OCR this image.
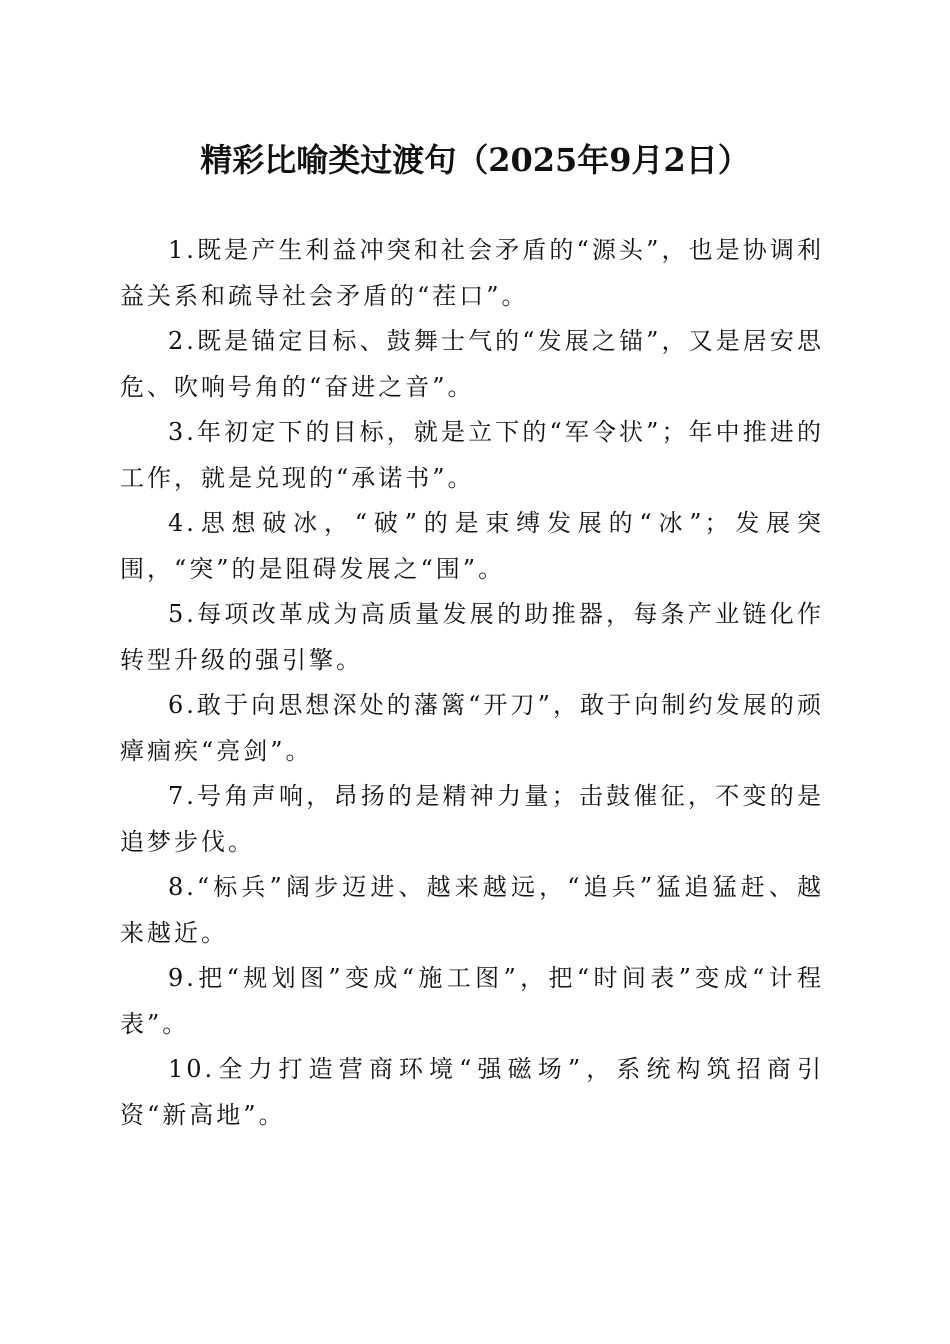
精彩比喻类过渡句（2025年9月2日）

1.既是产生利益冲突和社会矛盾的“源头”，也是协调利益关系和疏导社会矛盾的“茬口”。

2.既是锚定目标、鼓舞士气的“发展之锚”，又是居安思危、吹响号角的“奋进之音”。

3.年初定下的目标，就是立下的“军令状”；年中推进的工作，就是兑现的“承诺书”。

4.思想破冰，“破”的是束缚发展的“冰”；发展突围，“突”的是阻碍发展之“围”。

5.每项改革成为高质量发展的助推器，每条产业链化作转型升级的强引擎。

6.敢于向思想深处的藩篱“开刀”，敢于向制约发展的顽瘴痼疾“亮剑”。

7.号角声响，昂扬的是精神力量；击鼓催征，不变的是追梦步伐。

8.“标兵”阔步迈进、越来越远，“追兵”猛追猛赶、越来越近。

9.把“规划图”变成“施工图”，把“时间表”变成“计程表”。

10.全力打造营商环境“强磁场”，系统构筑招商引资“新高地”。
